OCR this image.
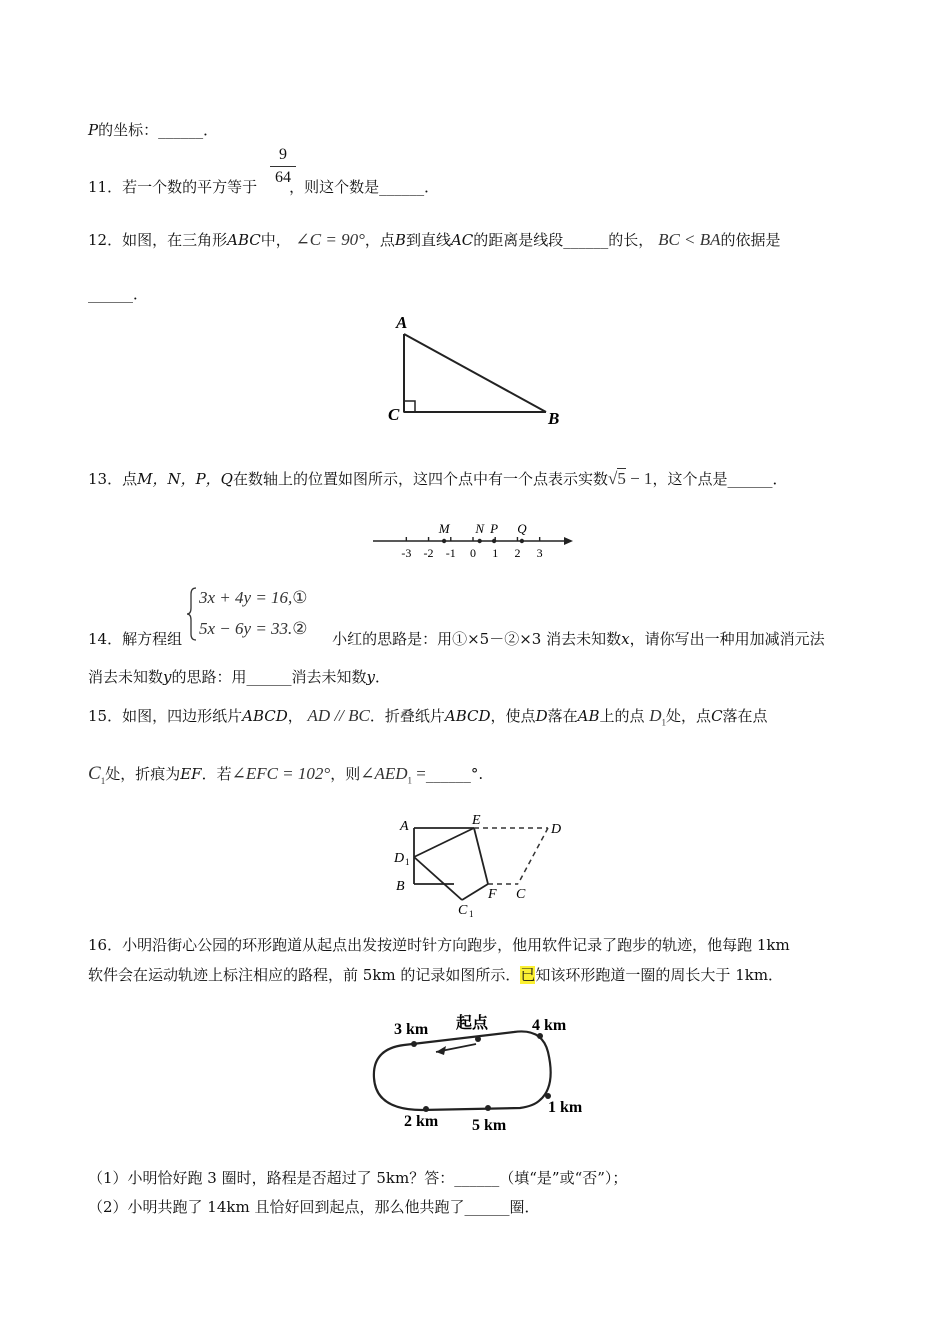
P的坐标：______．
9
64
11．若一个数的平方等于 ，则这个数是______．
12．如图，在三角形ABC中， ∠C = 90°，点B到直线AC的距离是线段______的长， BC < BA的依据是
______．
A
C	B
13．点M，N，P，Q在数轴上的位置如图所示，这四个点中有一个点表示实数√5 − 1，这个点是______．
-3 -2 -1 0 1 2 3
M N P Q
3x + 4y = 16,①
5x − 6y = 33.②
14．解方程组	小红的思路是：用①×5－②×3 消去未知数x，请你写出一种用加减消元法
消去未知数y的思路：用______消去未知数y．
15．如图，四边形纸片ABCD， AD // BC．折叠纸片ABCD，使点D落在AB上的点 $D_1$处，点C落在点
$C_1$处，折痕为EF．若∠EFC = 102°，则$\angle AED_1$ =______°.
A	E
D
D 1
B
F C
C 1
16．小明沿街心公园的环形跑道从起点出发按逆时针方向跑步，他用软件记录了跑步的轨迹，他每跑 1km
软件会在运动轨迹上标注相应的路程，前 5km 的记录如图所示．已知该环形跑道一圈的周长大于 1km．
起点
3 km	4 km
1 km
2 km 5 km
（1）小明恰好跑 3 圈时，路程是否超过了 5km？答：______（填“是”或“否”）；
（2）小明共跑了 14km 且恰好回到起点，那么他共跑了______圈．
